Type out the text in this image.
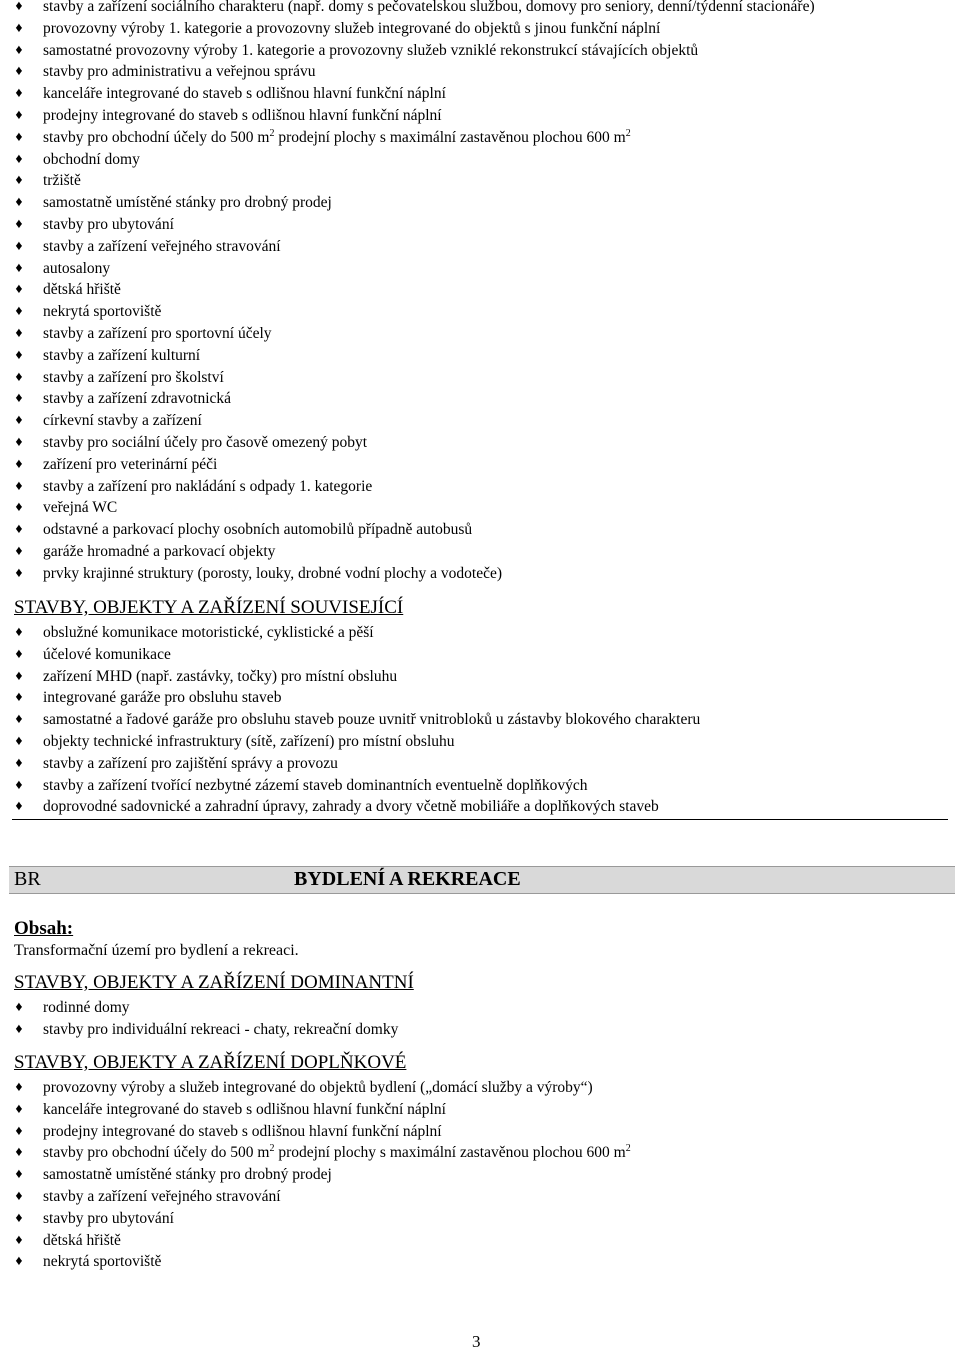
♦ stavby a zařízení sociálního charakteru (např. domy s pečovatelskou službou, domovy pro seniory, denní/týdenní stacionáře)
♦ provozovny výroby 1. kategorie a provozovny služeb integrované do objektů s jinou funkční náplní
♦ samostatné provozovny výroby 1. kategorie a provozovny služeb vzniklé rekonstrukcí stávajících objektů
♦ stavby pro administrativu a veřejnou správu
♦ kanceláře integrované do staveb s odlišnou hlavní funkční náplní
♦ prodejny integrované do staveb s odlišnou hlavní funkční náplní
♦ stavby pro obchodní účely do 500 $m^2$ prodejní plochy s maximální zastavěnou plochou 600 $m^2$
♦ obchodní domy
♦ tržiště
♦ samostatně umístěné stánky pro drobný prodej
♦ stavby pro ubytování
♦ stavby a zařízení veřejného stravování
♦ autosalony
♦ dětská hřiště
♦ nekrytá sportoviště
♦ stavby a zařízení pro sportovní účely
♦ stavby a zařízení kulturní
♦ stavby a zařízení pro školství
♦ stavby a zařízení zdravotnická
♦ církevní stavby a zařízení
♦ stavby pro sociální účely pro časově omezený pobyt
♦ zařízení pro veterinární péči
♦ stavby a zařízení pro nakládání s odpady 1. kategorie
♦ veřejná WC
♦ odstavné a parkovací plochy osobních automobilů případně autobusů
♦ garáže hromadné a parkovací objekty
♦ prvky krajinné struktury (porosty, louky, drobné vodní plochy a vodoteče)
STAVBY, OBJEKTY A ZAŘÍZENÍ SOUVISEJÍCÍ
♦ obslužné komunikace motoristické, cyklistické a pěší
♦ účelové komunikace
♦ zařízení MHD (např. zastávky, točky) pro místní obsluhu
♦ integrované garáže pro obsluhu staveb
♦ samostatné a řadové garáže pro obsluhu staveb pouze uvnitř vnitrobloků u zástavby blokového charakteru
♦ objekty technické infrastruktury (sítě, zařízení) pro místní obsluhu
♦ stavby a zařízení pro zajištění správy a provozu
♦ stavby a zařízení tvořící nezbytné zázemí staveb dominantních eventuelně doplňkových
♦ doprovodné sadovnické a zahradní úpravy, zahrady a dvory včetně mobiliáře a doplňkových staveb
BR	BYDLENÍ A REKREACE
Obsah:
Transformační území pro bydlení a rekreaci.
STAVBY, OBJEKTY A ZAŘÍZENÍ DOMINANTNÍ
♦ rodinné domy
♦ stavby pro individuální rekreaci - chaty, rekreační domky
STAVBY, OBJEKTY A ZAŘÍZENÍ DOPLŇKOVÉ
♦ provozovny výroby a služeb integrované do objektů bydlení („domácí služby a výroby“)
♦ kanceláře integrované do staveb s odlišnou hlavní funkční náplní
♦ prodejny integrované do staveb s odlišnou hlavní funkční náplní
♦ stavby pro obchodní účely do 500 $m^2$ prodejní plochy s maximální zastavěnou plochou 600 $m^2$
♦ samostatně umístěné stánky pro drobný prodej
♦ stavby a zařízení veřejného stravování
♦ stavby pro ubytování
♦ dětská hřiště
♦ nekrytá sportoviště
3
